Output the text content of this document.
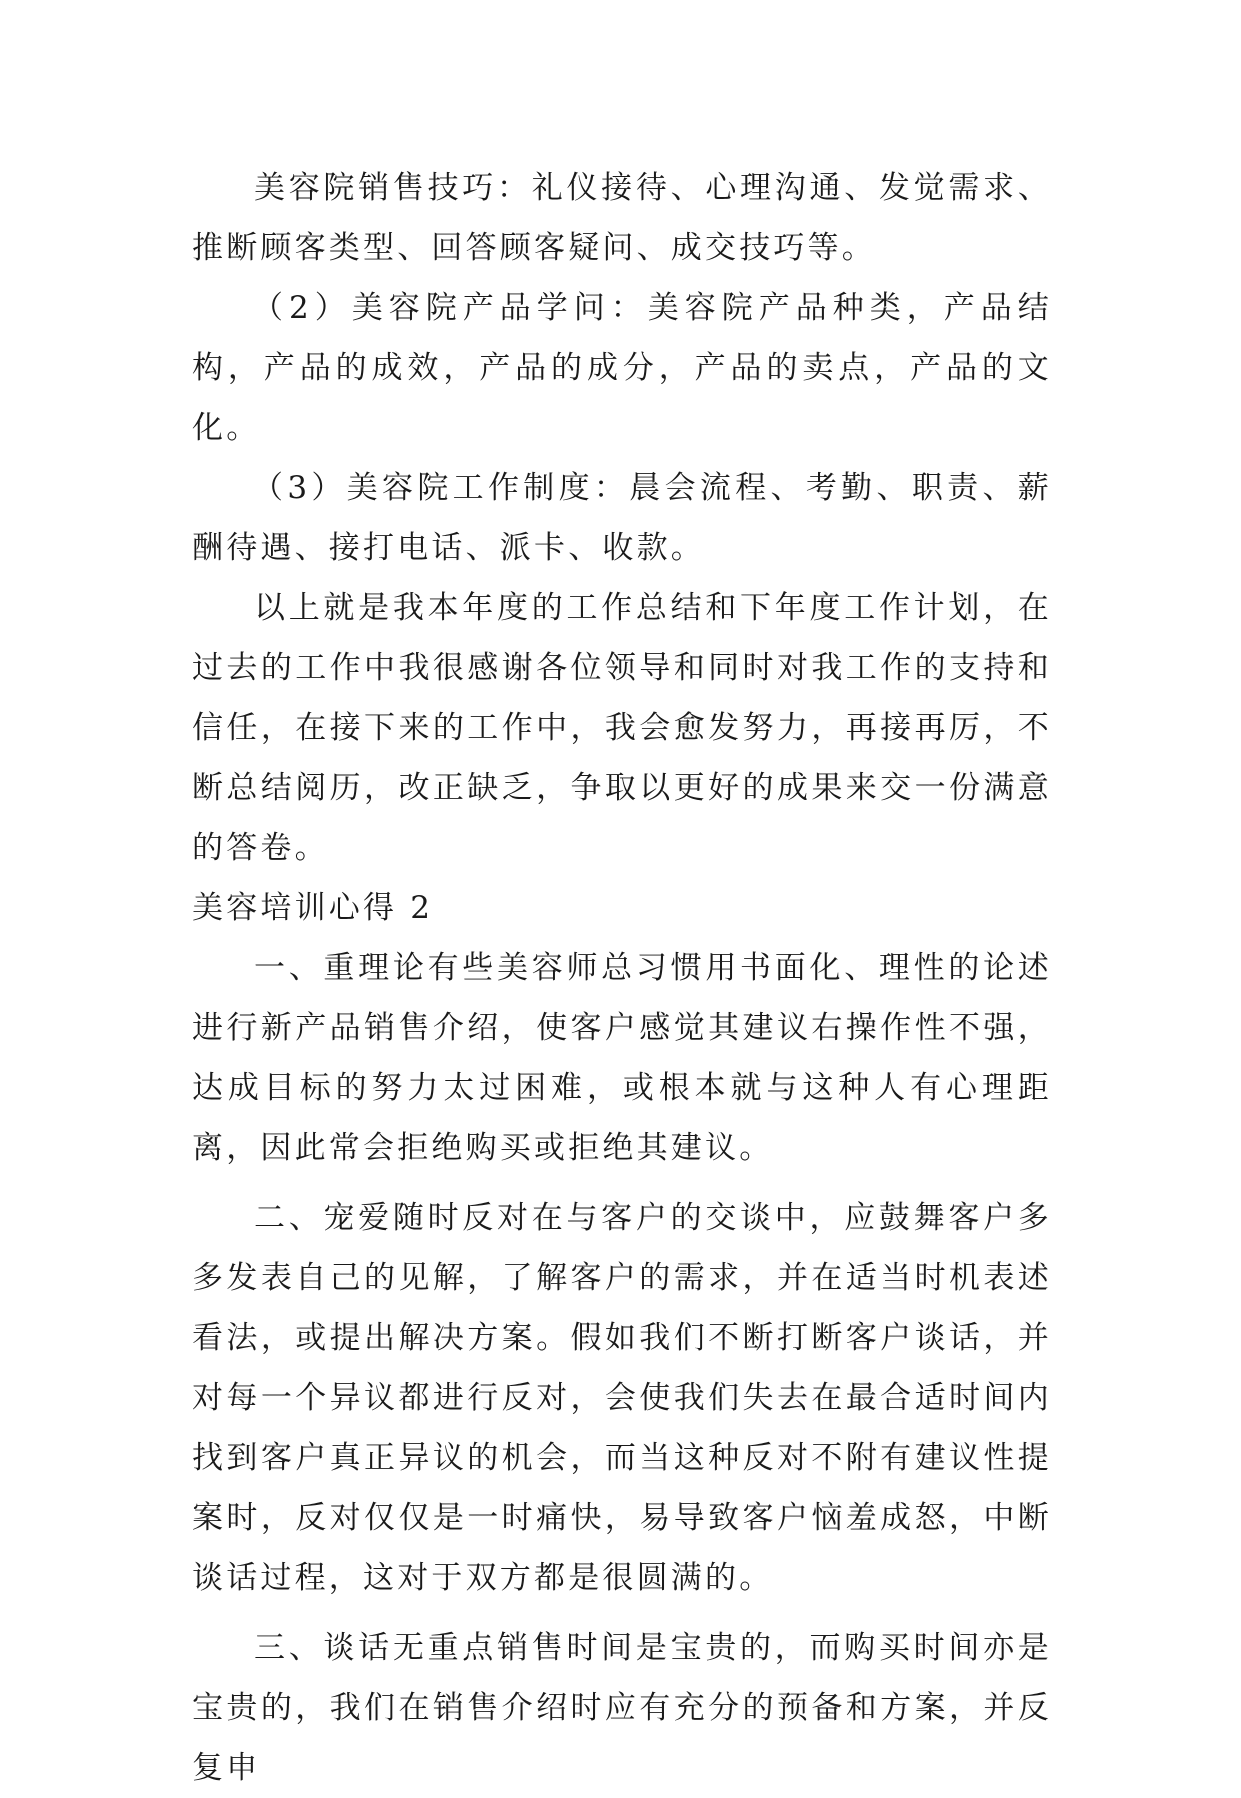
美容院销售技巧：礼仪接待、心理沟通、发觉需求、推断顾客类型、回答顾客疑问、成交技巧等。

（2）美容院产品学问：美容院产品种类，产品结构，产品的成效，产品的成分，产品的卖点，产品的文化。

（3）美容院工作制度：晨会流程、考勤、职责、薪酬待遇、接打电话、派卡、收款。

以上就是我本年度的工作总结和下年度工作计划，在过去的工作中我很感谢各位领导和同时对我工作的支持和信任，在接下来的工作中，我会愈发努力，再接再厉，不断总结阅历，改正缺乏，争取以更好的成果来交一份满意的答卷。

美容培训心得 2

一、重理论有些美容师总习惯用书面化、理性的论述进行新产品销售介绍，使客户感觉其建议右操作性不强，达成目标的努力太过困难，或根本就与这种人有心理距离，因此常会拒绝购买或拒绝其建议。

二、宠爱随时反对在与客户的交谈中，应鼓舞客户多多发表自己的见解，了解客户的需求，并在适当时机表述看法，或提出解决方案。假如我们不断打断客户谈话，并对每一个异议都进行反对，会使我们失去在最合适时间内找到客户真正异议的机会，而当这种反对不附有建议性提案时，反对仅仅是一时痛快，易导致客户恼羞成怒，中断谈话过程，这对于双方都是很圆满的。

三、谈话无重点销售时间是宝贵的，而购买时间亦是宝贵的，我们在销售介绍时应有充分的预备和方案，并反复申
